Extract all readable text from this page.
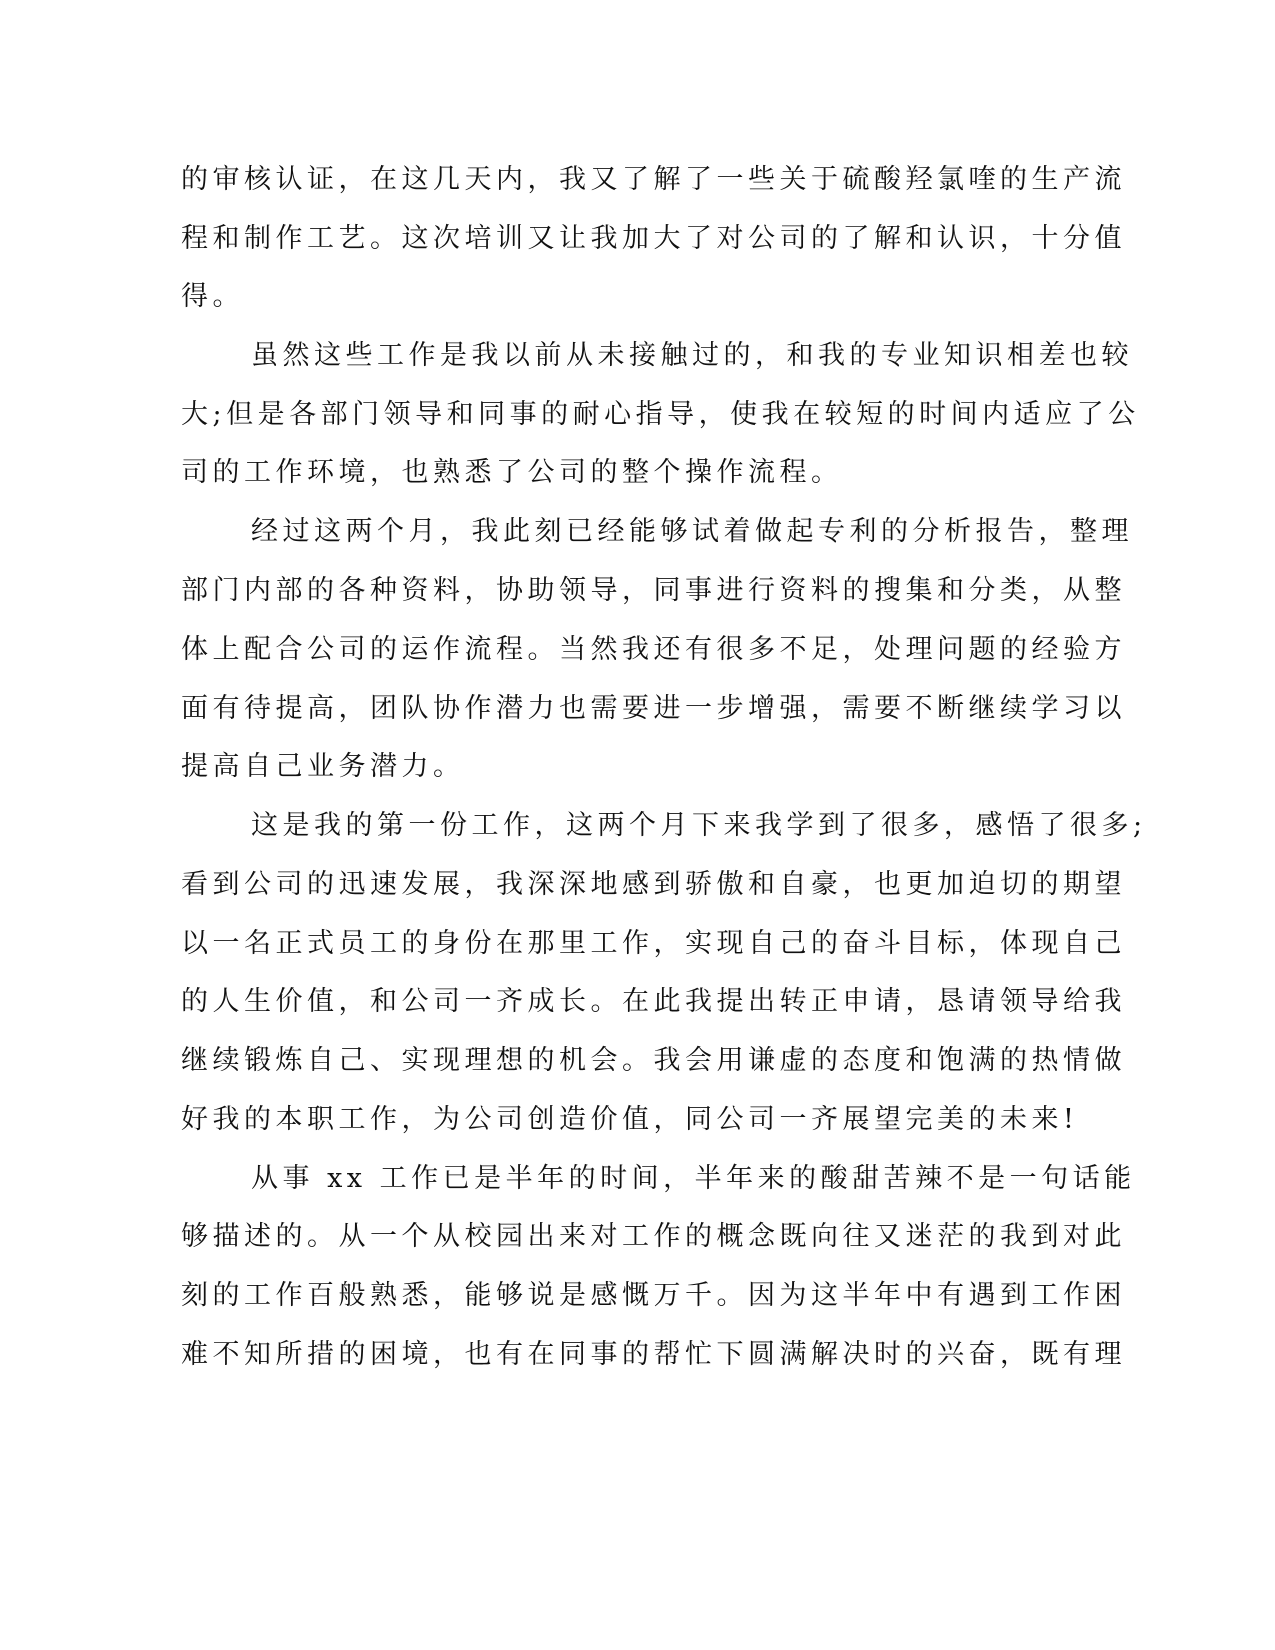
的审核认证，在这几天内，我又了解了一些关于硫酸羟氯喹的生产流
程和制作工艺。这次培训又让我加大了对公司的了解和认识，十分值
得。
虽然这些工作是我以前从未接触过的，和我的专业知识相差也较
大;但是各部门领导和同事的耐心指导，使我在较短的时间内适应了公
司的工作环境，也熟悉了公司的整个操作流程。
经过这两个月，我此刻已经能够试着做起专利的分析报告，整理
部门内部的各种资料，协助领导，同事进行资料的搜集和分类，从整
体上配合公司的运作流程。当然我还有很多不足，处理问题的经验方
面有待提高，团队协作潜力也需要进一步增强，需要不断继续学习以
提高自己业务潜力。
这是我的第一份工作，这两个月下来我学到了很多，感悟了很多;
看到公司的迅速发展，我深深地感到骄傲和自豪，也更加迫切的期望
以一名正式员工的身份在那里工作，实现自己的奋斗目标，体现自己
的人生价值，和公司一齐成长。在此我提出转正申请，恳请领导给我
继续锻炼自己、实现理想的机会。我会用谦虚的态度和饱满的热情做
好我的本职工作，为公司创造价值，同公司一齐展望完美的未来!
从事 xx 工作已是半年的时间，半年来的酸甜苦辣不是一句话能
够描述的。从一个从校园出来对工作的概念既向往又迷茫的我到对此
刻的工作百般熟悉，能够说是感慨万千。因为这半年中有遇到工作困
难不知所措的困境，也有在同事的帮忙下圆满解决时的兴奋，既有理
